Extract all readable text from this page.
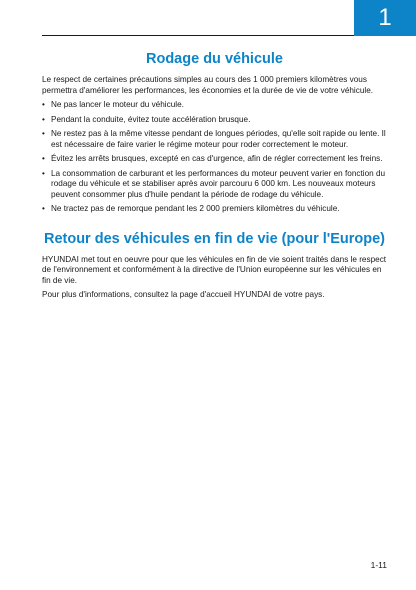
1
Rodage du véhicule

Le respect de certaines précautions simples au cours des 1 000 premiers kilomètres vous permettra d'améliorer les performances, les économies et la durée de vie de votre véhicule.

• Ne pas lancer le moteur du véhicule.
• Pendant la conduite, évitez toute accélération brusque.
• Ne restez pas à la même vitesse pendant de longues périodes, qu'elle soit rapide ou lente. Il est nécessaire de faire varier le régime moteur pour roder correctement le moteur.
• Évitez les arrêts brusques, excepté en cas d'urgence, afin de régler correctement les freins.
• La consommation de carburant et les performances du moteur peuvent varier en fonction du rodage du véhicule et se stabiliser après avoir parcouru 6 000 km. Les nouveaux moteurs peuvent consommer plus d'huile pendant la période de rodage du véhicule.
• Ne tractez pas de remorque pendant les 2 000 premiers kilomètres du véhicule.
Retour des véhicules en fin de vie (pour l'Europe)

HYUNDAI met tout en oeuvre pour que les véhicules en fin de vie soient traités dans le respect de l'environnement et conformément à la directive de l'Union européenne sur les véhicules en fin de vie.

Pour plus d'informations, consultez la page d'accueil HYUNDAI de votre pays.

1-11
